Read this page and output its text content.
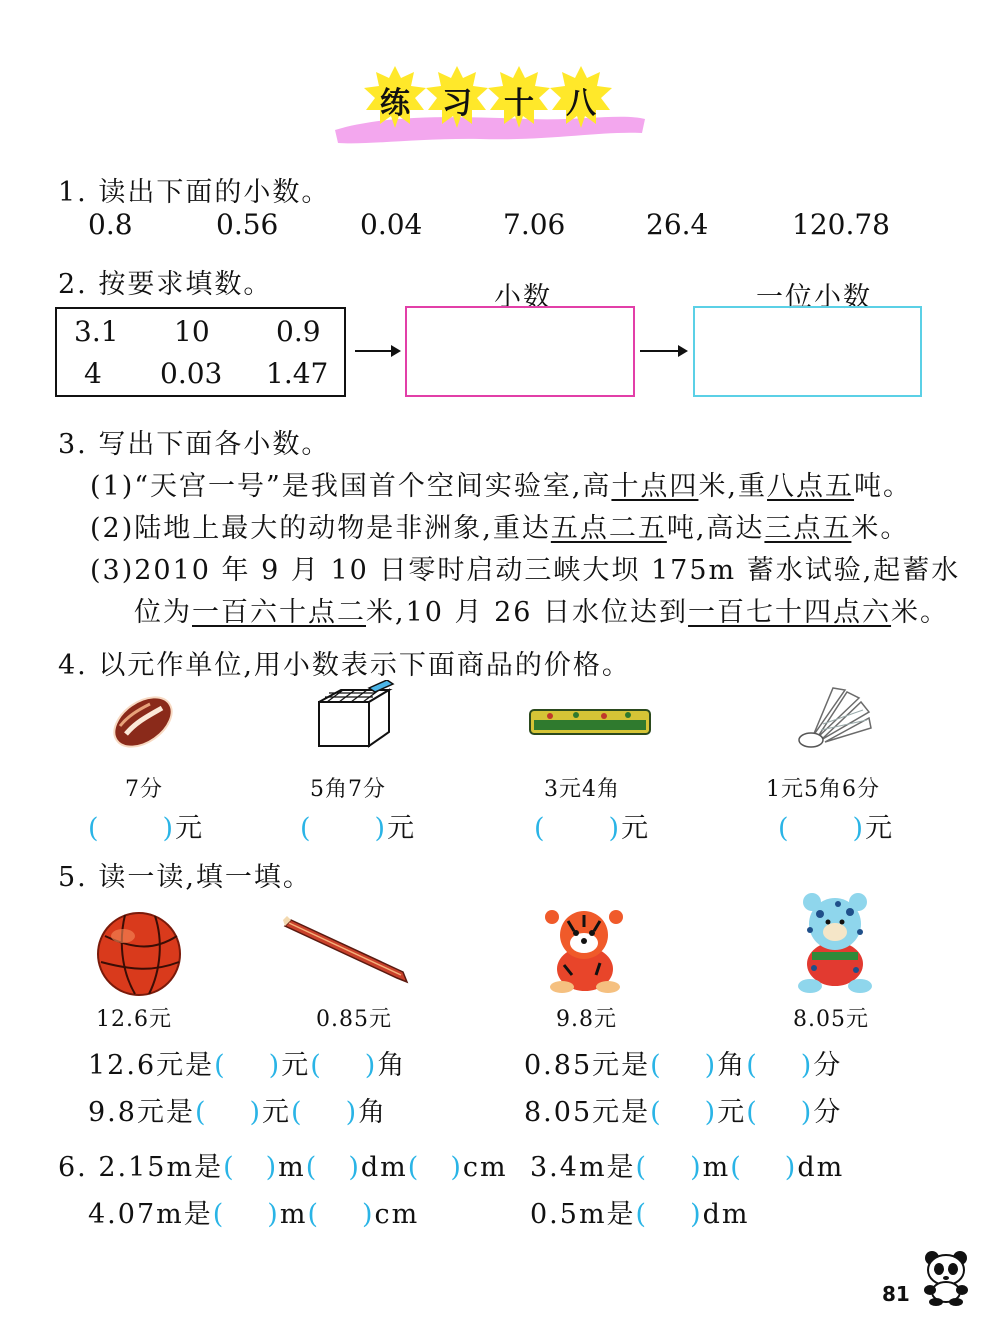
练	习	十	八
1. 读出下面的小数。
0.8	0.56	0.04	7.06	26.4	120.78
2. 按要求填数。
3.1 10 0.9
4 0.03 1.47
小数	一位小数
3. 写出下面各小数。
(1)“天宫一号”是我国首个空间实验室,高十点四米,重八点五吨。
(2)陆地上最大的动物是非洲象,重达五点二五吨,高达三点五米。
(3)2010 年 9 月 10 日零时启动三峡大坝 175m 蓄水试验,起蓄水
位为一百六十点二米,10 月 26 日水位达到一百七十四点六米。
4. 以元作单位,用小数表示下面商品的价格。
7分	5角7分	3元4角	1元5角6分
( )元	( )元	( )元	( )元
5. 读一读,填一填。
12.6元	0.85元	9.8元	8.05元
12.6元是( )元( )角	0.85元是( )角( )分
9.8元是( )元( )角	8.05元是( )元( )分
6. 2.15m是( )m( )dm( )cm 3.4m是( )m( )dm
4.07m是( )m( )cm	0.5m是( )dm
81
